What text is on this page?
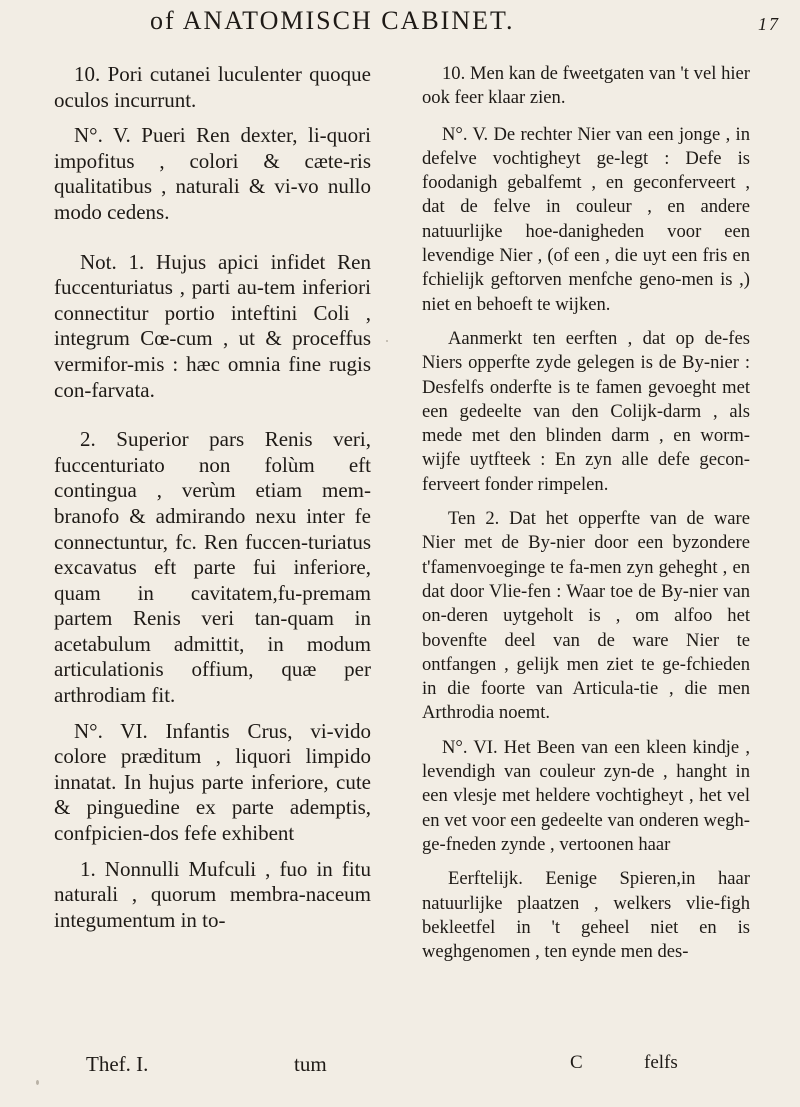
of ANATOMISCH CABINET.	17

10. Pori cutanei luculenter quoque oculos incurrunt.

N°. V. Pueri Ren dexter, li-quori impofitus , colori & cæte-ris qualitatibus , naturali & vi-vo nullo modo cedens.

Not. 1. Hujus apici infidet Ren fuccenturiatus , parti au-tem inferiori connectitur portio inteftini Coli , integrum Cœ-cum , ut & proceffus vermifor-mis : hæc omnia fine rugis con-farvata.

2. Superior pars Renis veri, fuccenturiato non folùm eft contingua , verùm etiam mem-branofo & admirando nexu inter fe connectuntur, fc. Ren fuccen-turiatus excavatus eft parte fui inferiore, quam in cavitatem,fu-premam partem Renis veri tan-quam in acetabulum admittit, in modum articulationis offium, quæ per arthrodiam fit.

N°. VI. Infantis Crus, vi-vido colore præditum , liquori limpido innatat. In hujus parte inferiore, cute & pinguedine ex parte ademptis, confpicien-dos fefe exhibent

1. Nonnulli Mufculi , fuo in fitu naturali , quorum membra-naceum integumentum in to-

10. Men kan de fweetgaten van 't vel hier ook feer klaar zien.

N°. V. De rechter Nier van een jonge , in defelve vochtigheyt ge-legt : Defe is foodanigh gebalfemt , en geconferveert , dat de felve in couleur , en andere natuurlijke hoe-danigheden voor een levendige Nier , (of een , die uyt een fris en fchielijk geftorven menfche geno-men is ,) niet en behoeft te wijken.

Aanmerkt ten eerften , dat op de-fes Niers opperfte zyde gelegen is de By-nier : Desfelfs onderfte is te famen gevoeght met een gedeelte van den Colijk-darm , als mede met den blinden darm , en worm-wijfe uytfteek : En zyn alle defe gecon-ferveert fonder rimpelen.

Ten 2. Dat het opperfte van de ware Nier met de By-nier door een byzondere t'famenvoeginge te fa-men zyn geheght , en dat door Vlie-fen : Waar toe de By-nier van on-deren uytgeholt is , om alfoo het bovenfte deel van de ware Nier te ontfangen , gelijk men ziet te ge-fchieden in die foorte van Articula-tie , die men Arthrodia noemt.

N°. VI. Het Been van een kleen kindje , levendigh van couleur zyn-de , hanght in een vlesje met heldere vochtigheyt , het vel en vet voor een gedeelte van onderen wegh-ge-fneden zynde , vertoonen haar

Eerftelijk. Eenige Spieren,in haar natuurlijke plaatzen , welkers vlie-figh bekleetfel in 't geheel niet en is weghgenomen , ten eynde men des-

Thef. I.	tum	C	felfs
